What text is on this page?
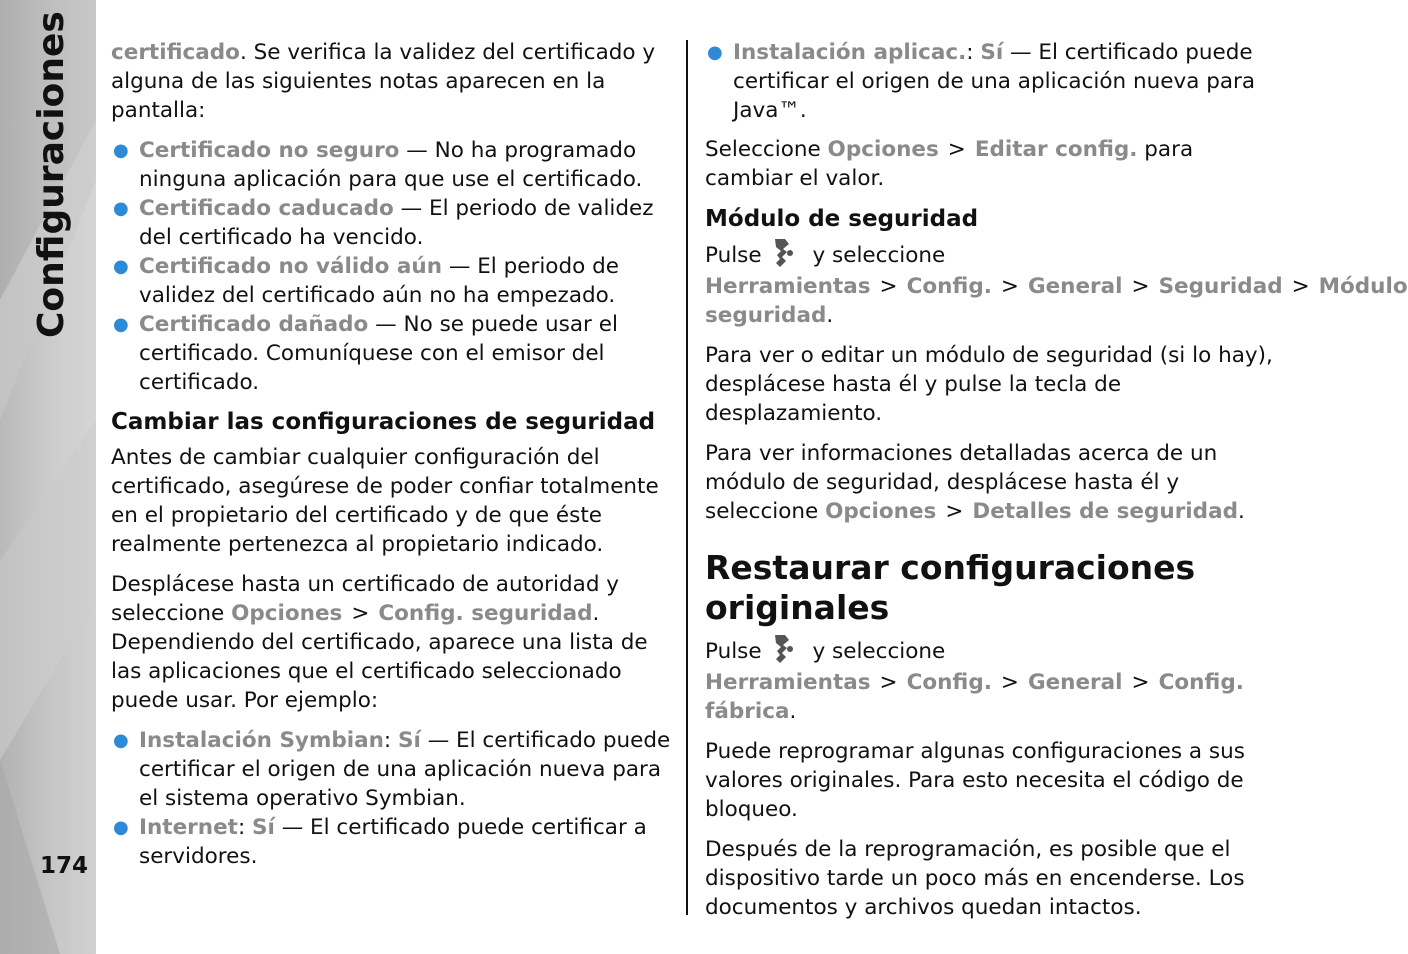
Configuraciones
174

certificado. Se verifica la validez del certificado y alguna de las siguientes notas aparecen en la pantalla:

● Certificado no seguro — No ha programado ninguna aplicación para que use el certificado.
● Certificado caducado — El periodo de validez del certificado ha vencido.
● Certificado no válido aún — El periodo de validez del certificado aún no ha empezado.
● Certificado dañado — No se puede usar el certificado. Comuníquese con el emisor del certificado.
Cambiar las configuraciones de seguridad

Antes de cambiar cualquier configuración del certificado, asegúrese de poder confiar totalmente en el propietario del certificado y de que éste realmente pertenezca al propietario indicado.

Desplácese hasta un certificado de autoridad y seleccione Opciones > Config. seguridad. Dependiendo del certificado, aparece una lista de las aplicaciones que el certificado seleccionado puede usar. Por ejemplo:

● Instalación Symbian: Sí — El certificado puede certificar el origen de una aplicación nueva para el sistema operativo Symbian.
● Internet: Sí — El certificado puede certificar a servidores.
● Instalación aplicac.: Sí — El certificado puede certificar el origen de una aplicación nueva para Java™.

Seleccione Opciones > Editar config. para cambiar el valor.

Módulo de seguridad

Pulse y seleccione Herramientas > Config. > General > Seguridad > Módulo seguridad.

Para ver o editar un módulo de seguridad (si lo hay), desplácese hasta él y pulse la tecla de desplazamiento.

Para ver informaciones detalladas acerca de un módulo de seguridad, desplácese hasta él y seleccione Opciones > Detalles de seguridad.

Restaurar configuraciones originales

Pulse y seleccione Herramientas > Config. > General > Config. fábrica.

Puede reprogramar algunas configuraciones a sus valores originales. Para esto necesita el código de bloqueo.

Después de la reprogramación, es posible que el dispositivo tarde un poco más en encenderse. Los documentos y archivos quedan intactos.
